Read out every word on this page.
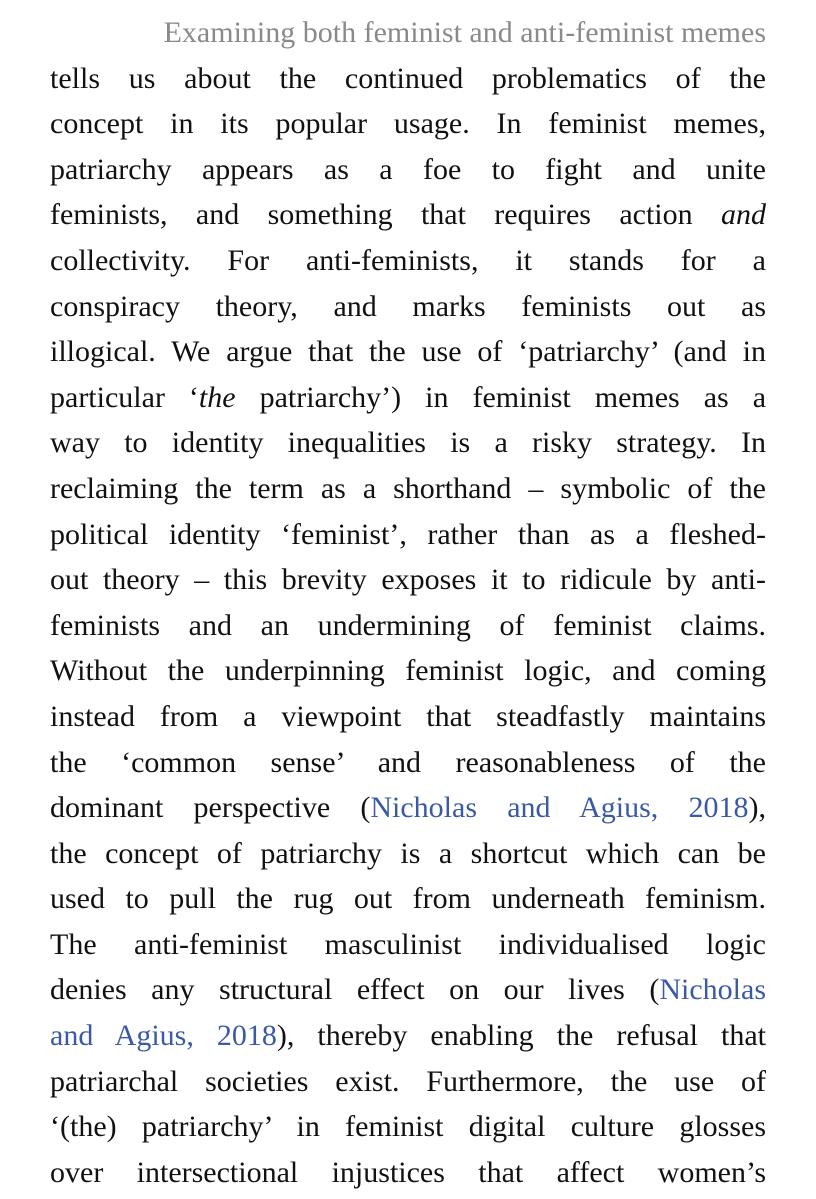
Examining both feminist and anti-feminist memes
tells us about the continued problematics of the
concept in its popular usage. In feminist memes,
patriarchy appears as a foe to fight and unite
feminists, and something that requires action and
collectivity. For anti-feminists, it stands for a
conspiracy theory, and marks feminists out as
illogical. We argue that the use of ‘patriarchy’ (and in
particular ‘the patriarchy’) in feminist memes as a
way to identity inequalities is a risky strategy. In
reclaiming the term as a shorthand – symbolic of the
political identity ‘feminist’, rather than as a fleshed-
out theory – this brevity exposes it to ridicule by anti-
feminists and an undermining of feminist claims.
Without the underpinning feminist logic, and coming
instead from a viewpoint that steadfastly maintains
the ‘common sense’ and reasonableness of the
dominant perspective (Nicholas and Agius, 2018),
the concept of patriarchy is a shortcut which can be
used to pull the rug out from underneath feminism.
The anti-feminist masculinist individualised logic
denies any structural effect on our lives (Nicholas
and Agius, 2018), thereby enabling the refusal that
patriarchal societies exist. Furthermore, the use of
‘(the) patriarchy’ in feminist digital culture glosses
over intersectional injustices that affect women’s
